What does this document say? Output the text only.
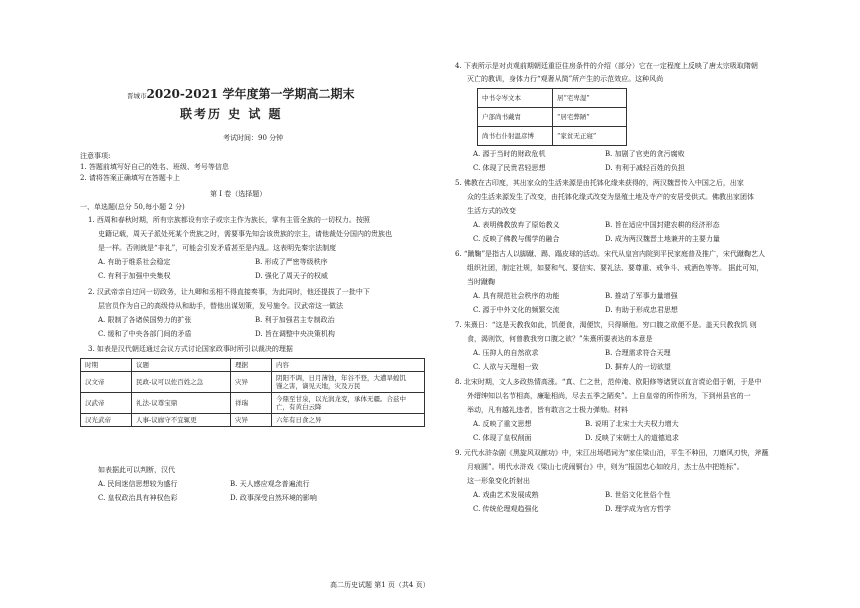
晋城市2020-2021 学年度第一学期高二期末
联考历 史 试 题
考试时间：90 分钟
注意事项:
1. 答题前填写好自己的姓名、班级、考号等信息
2. 请将答案正确填写在答题卡上
第 I 卷（选择题）
一、单选题(总分 50,每小题 2 分)
1. 西周和春秋时期，所有宗族都设有宗子或宗主作为族长，掌有主管全族的一切权力。按照
史籍记载，周天子派处死某个贵族之时，需要事先知会该贵族的宗主，请他裁处分国内的贵族也
是一样。否则就是“非礼”，可能会引发矛盾甚至是内乱。这表明先秦宗法制度
A. 有助于维系社会稳定	B. 形成了严密等级秩序
C. 有利于加强中央集权	D. 强化了周天子的权威
2. 汉武帝亲自过问一切政务，让九卿和丞相不得直接奏事，为此同时，他还提拔了一批中下
层官员作为自己的高级侍从和助手，替他出谋划策，发号施令。汉武帝这一做法
A. 限制了各诸侯国势力的扩张	B. 利于加强君主专制政治
C. 缓和了中央各部门间的矛盾	D. 旨在调整中央决策机构
3. 如表是汉代朝廷通过会议方式讨论国家政事时所引以裁决的理据
时期	议题	理据	内容
汉文帝	民政-议可以佐百姓之急	灾异	阴阳不调，日月薄蚀，年谷不登，大遭旱蝗饥
馑之害，谪见天地，灾及万民

汉武帝	礼法-议尊宝鼎	祥瑞	今鼎至甘泉，以光润龙变，承体无疆。合兹中
亡，有黄白云降

汉光武帝	人事-议廊守不宜辄更	灾异	六年有日食之异
如表据此可以判断，汉代
A. 民间迷信思想较为盛行	B. 天人感应观念普遍流行
C. 皇权政治具有神权色彩	D. 政事深受自然环境的影响
4. 下表所示是对贞观前期朝廷重臣住房条件的介绍（部分）它在一定程度上反映了唐太宗吸取隋朝
灭亡的教训，身体力行“观奢从简”所产生的示范效应。这种风尚
中书令岑文本	居“宅卑湿”
户部尚书戴胄	“居宅弊陋”
尚书右仆射温彦博	“家贫无正寝”
A. 源于当时的财政危机	B. 加剧了官吏的贪污腐败
C. 体现了民贵君轻思想	D. 有利于减轻百姓的负担
5. 佛教在古印度，其出家众的生活来源是由托钵化缘来获得的，两汉魏晋传入中国之后，出家
众的生活来源发生了改变，由托钵化缘式改变为垦殖土地及寺产的安居受供式。佛教出家团体
生活方式的改变
A. 表明佛教放弃了原始教义	B. 旨在适应中国封建农耕的经济形态
C. 反映了佛教与儒学的融合	D. 成为两汉魏晋土地兼并的主要力量
6. “蹴鞠”是指古人以脚蹴、踢、蹋皮球的活动。宋代从皇宫内院到平民家庭普及推广，宋代蹴鞠艺人
组织社团，制定社规，如要和气、要信实、要礼法、要尊重、戒争斗、戒酒色等等。 据此可知，
当时蹴鞠
A. 具有规范社会秩序的功能	B. 推动了军事力量增强
C. 源于中外文化的频繁交流	D. 有助于形成忠君思想
7. 朱熹日：“这是天教我如此，饥便食，渴便饮，只得顺他。穷口腹之欲便不是。盖天只教我饥 则
食，渴则饮，何曾教我穷口腹之欲？”朱熹所要表达的本意是
A. 压抑人的自然欲求	B. 合理需求符合天理
C. 人欲与天理相一致	D. 摒弃人的一切欲望
8. 北宋时期，文人多政热情高涨。“真、仁之世，范仲淹、欧阳修等诸贤以直言谠论倡于朝，于是中
外缙绅知以名节相高，廉耻相尚，尽去五季之陋矣”。上自皇帝的所作所为，下到州县官的一
举动，凡有越礼违者，皆有敢言之士极力弹劾。材料
A. 反映了重文思想	B. 说明了北宋士大夫权力增大
C. 体现了皇权削面	D. 反映了宋朝士人的道德追求
9. 元代水浒杂剧《黑旋风双献功》中，宋江出场唱词为“家住梁山泊，平生不种田，刀磨风刃快，斧蘸
月痕圆”。明代水浒戏《梁山七虎闹铜台》中，则为“报国忠心如皎月，杰士丛中把姓标”。
这一形象变化折射出
A. 戏曲艺术发展成熟	B. 世俗文化世俗个性
C. 传统伦理观趋强化	D. 理学成为官方哲学
高二历史试题 第1 页（共4 页）
